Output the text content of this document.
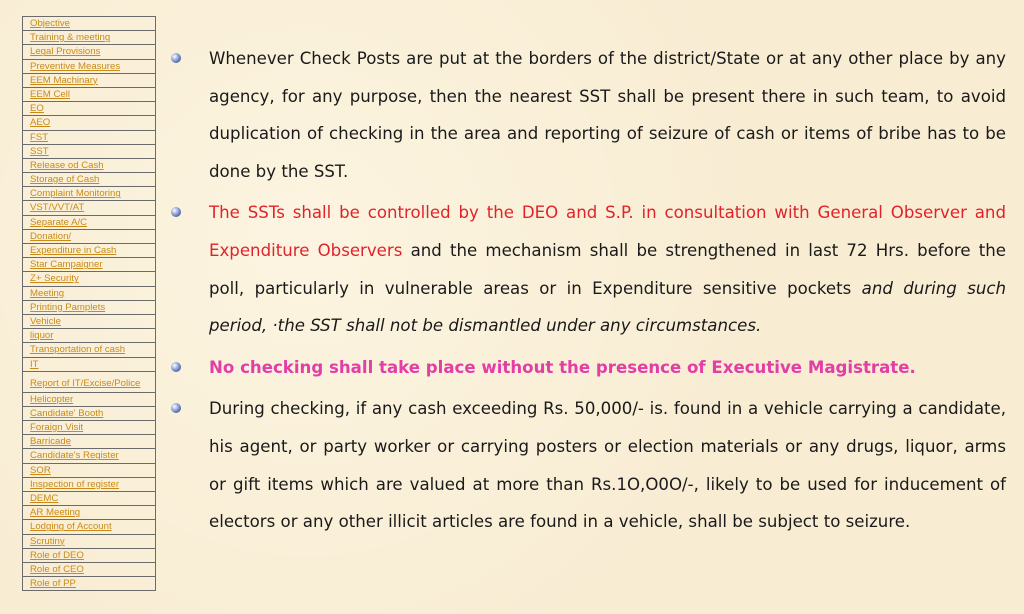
Objective
Training & meeting
Legal Provisions
Preventive Measures
EEM Machinary
EEM Cell
EO
AEO
FST
SST
Release od Cash
Storage of Cash
Complaint Monitoring
VST/VVT/AT
Separate A/C
Donation/
Expenditure in Cash
Star Campaigner
Z+ Security
Meeting
Printing Pamplets
Vehicle
liquor
Transportation of cash
IT
Report of IT/Excise/Police
Helicopter
Candidate' Booth
Foraign Visit
Barricade
Candidate's Register
SOR
Inspection of register
DEMC
AR Meeting
Lodging of Account
Scrutiny
Role of DEO
Role of CEO
Role of PP

Whenever Check Posts are put at the borders of the district/State or at any other place by any agency, for any purpose, then the nearest SST shall be present there in such team, to avoid duplication of checking in the area and reporting of seizure of cash or items of bribe has to be done by the SST.

The SSTs shall be controlled by the DEO and S.P. in consultation with General Observer and Expenditure Observers and the mechanism shall be strengthened in last 72 Hrs. before the poll, particularly in vulnerable areas or in Expenditure sensitive pockets and during such period, ·the SST shall not be dismantled under any circumstances.

No checking shall take place without the presence of Executive Magistrate.

During checking, if any cash exceeding Rs. 50,000/- is. found in a vehicle carrying a candidate, his agent, or party worker or carrying posters or election materials or any drugs, liquor, arms or gift items which are valued at more than Rs.1O,O0O/-, likely to be used for inducement of electors or any other illicit articles are found in a vehicle, shall be subject to seizure.
